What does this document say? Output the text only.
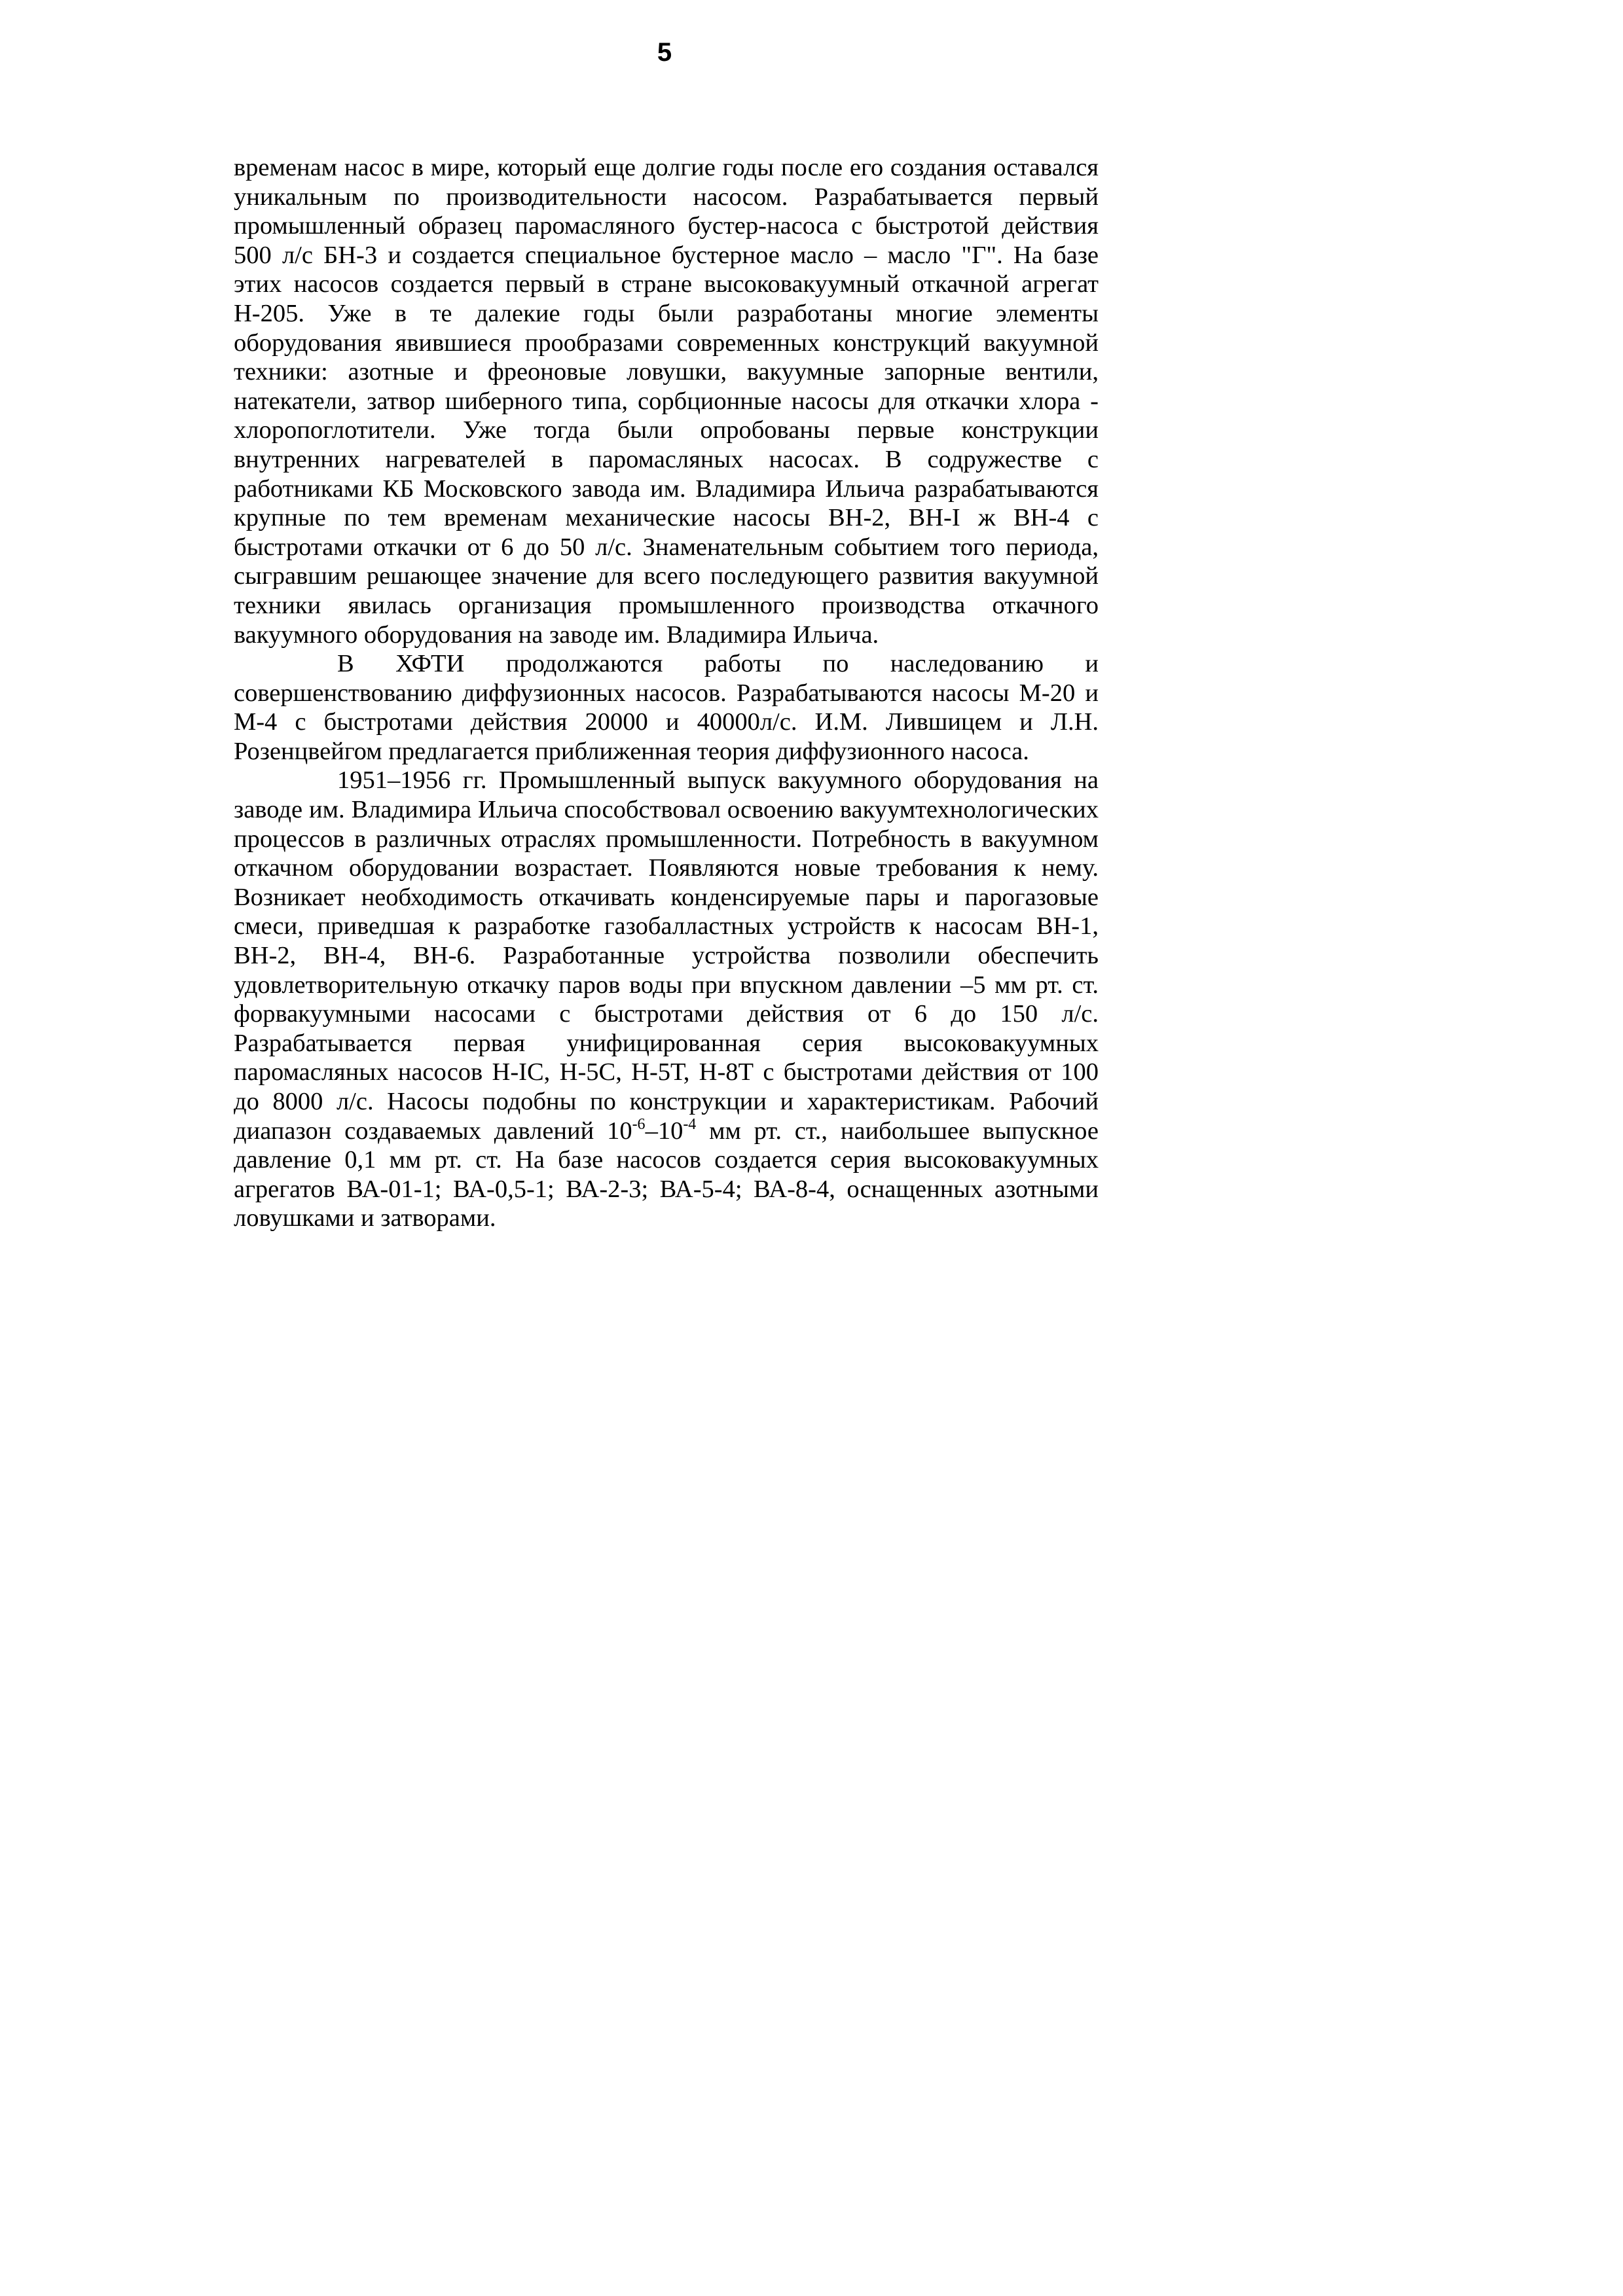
5

временам насос в мире, который еще долгие годы после его создания оставался уникальным по производительности насосом. Разрабатывается первый промышленный образец паромасляного бустер-насоса с быстротой действия 500 л/с БН-3 и создается специальное бустерное масло – масло "Г". На базе этих насосов создается первый в стране высоковакуумный откачной агрегат Н-205. Уже в те далекие годы были разработаны многие элементы оборудования явившиеся прообразами современных конструкций вакуумной техники: азотные и фреоновые ловушки, вакуумные запорные вентили, натекатели, затвор шиберного типа, сорбционные насосы для откачки хлора - хлоропоглотители. Уже тогда были опробованы первые конструкции внутренних нагревателей в паромасляных насосах. В содружестве с работниками КБ Московского завода им. Владимира Ильича разрабатываются крупные по тем временам механические насосы ВН-2, ВН-I ж ВН-4 с быстротами откачки от 6 до 50 л/с. Знаменательным событием того периода, сыгравшим решающее значение для всего последующего развития вакуумной техники явилась организация промышленного производства откачного вакуумного оборудования на заводе им. Владимира Ильича.

В ХФТИ продолжаются работы по наследованию и совершенствованию диффузионных насосов. Разрабатываются насосы М-20 и М-4 с быстротами действия 20000 и 40000л/с. И.М. Лившицем и Л.Н. Розенцвейгом предлагается приближенная теория диффузионного насоса.

1951–1956 гг. Промышленный выпуск вакуумного оборудования на заводе им. Владимира Ильича способствовал освоению вакуумтехнологических процессов в различных отраслях промышленности. Потребность в вакуумном откачном оборудовании возрастает. Появляются новые требования к нему. Возникает необходимость откачивать конденсируемые пары и парогазовые смеси, приведшая к разработке газобалластных устройств к насосам ВН-1, ВН-2, ВН-4, ВН-6. Разработанные устройства позволили обеспечить удовлетворительную откачку паров воды при впускном давлении –5 мм рт. ст. форвакуумными насосами с быстротами действия от 6 до 150 л/с. Разрабатывается первая унифицированная серия высоковакуумных паромасляных насосов Н-IC, Н-5С, Н-5Т, Н-8Т с быстротами действия от 100 до 8000 л/с. Насосы подобны по конструкции и характеристикам. Рабочий диапазон создаваемых давлений $10^{-6}-10^{-4}$ мм рт. ст., наибольшее выпускное давление 0,1 мм рт. ст. На базе насосов создается серия высоковакуумных агрегатов ВА-01-1; ВА-0,5-1; ВА-2-3; ВА-5-4; ВА-8-4, оснащенных азотными ловушками и затворами.
